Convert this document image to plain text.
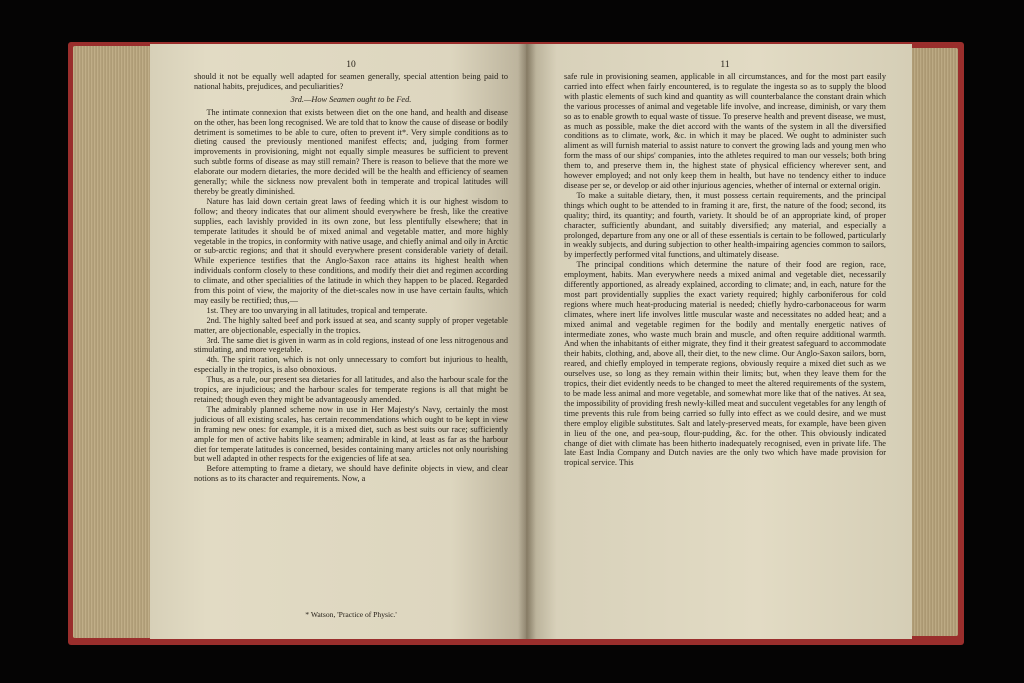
10

should it not be equally well adapted for seamen generally, special attention being paid to national habits, prejudices, and peculiarities?

3rd.—How Seamen ought to be Fed.

The intimate connexion that exists between diet on the one hand, and health and disease on the other, has been long recognised. We are told that to know the cause of disease or bodily detriment is sometimes to be able to cure, often to prevent it*. Very simple conditions as to dieting caused the previously mentioned manifest effects; and, judging from former improvements in provisioning, might not equally simple measures be sufficient to prevent such subtle forms of disease as may still remain? There is reason to believe that the more we elaborate our modern dietaries, the more decided will be the health and efficiency of seamen generally; while the sickness now prevalent both in temperate and tropical latitudes will thereby be greatly diminished.

Nature has laid down certain great laws of feeding which it is our highest wisdom to follow; and theory indicates that our aliment should everywhere be fresh, like the creative supplies, each lavishly provided in its own zone, but less plentifully elsewhere; that in temperate latitudes it should be of mixed animal and vegetable matter, and more highly vegetable in the tropics, in conformity with native usage, and chiefly animal and oily in Arctic or sub-arctic regions; and that it should everywhere present considerable variety of detail. While experience testifies that the Anglo-Saxon race attains its highest health when individuals conform closely to these conditions, and modify their diet and regimen according to climate, and other specialities of the latitude in which they happen to be placed. Regarded from this point of view, the majority of the diet-scales now in use have certain faults, which may easily be rectified; thus,—

1st. They are too unvarying in all latitudes, tropical and temperate.

2nd. The highly salted beef and pork issued at sea, and scanty supply of proper vegetable matter, are objectionable, especially in the tropics.

3rd. The same diet is given in warm as in cold regions, instead of one less nitrogenous and stimulating, and more vegetable.

4th. The spirit ration, which is not only unnecessary to comfort but injurious to health, especially in the tropics, is also obnoxious.

Thus, as a rule, our present sea dietaries for all latitudes, and also the harbour scale for the tropics, are injudicious; and the harbour scales for temperate regions is all that might be retained; though even they might be advantageously amended.

The admirably planned scheme now in use in Her Majesty's Navy, certainly the most judicious of all existing scales, has certain recommendations which ought to be kept in view in framing new ones: for example, it is a mixed diet, such as best suits our race; sufficiently ample for men of active habits like seamen; admirable in kind, at least as far as the harbour diet for temperate latitudes is concerned, besides containing many articles not only nourishing but well adapted in other respects for the exigencies of life at sea.

Before attempting to frame a dietary, we should have definite objects in view, and clear notions as to its character and requirements. Now, a

* Watson, 'Practice of Physic.'
11

safe rule in provisioning seamen, applicable in all circumstances, and for the most part easily carried into effect when fairly encountered, is to regulate the ingesta so as to supply the blood with plastic elements of such kind and quantity as will counterbalance the constant drain which the various processes of animal and vegetable life involve, and increase, diminish, or vary them so as to enable growth to equal waste of tissue. To preserve health and prevent disease, we must, as much as possible, make the diet accord with the wants of the system in all the diversified conditions as to climate, work, &c. in which it may be placed. We ought to administer such aliment as will furnish material to assist nature to convert the growing lads and young men who form the mass of our ships' companies, into the athletes required to man our vessels; both bring them to, and preserve them in, the highest state of physical efficiency wherever sent, and however employed; and not only keep them in health, but have no tendency either to induce disease per se, or develop or aid other injurious agencies, whether of internal or external origin.

To make a suitable dietary, then, it must possess certain requirements, and the principal things which ought to be attended to in framing it are, first, the nature of the food; second, its quality; third, its quantity; and fourth, variety. It should be of an appropriate kind, of proper character, sufficiently abundant, and suitably diversified; any material, and especially a prolonged, departure from any one or all of these essentials is certain to be followed, particularly in weakly subjects, and during subjection to other health-impairing agencies common to sailors, by imperfectly performed vital functions, and ultimately disease.

The principal conditions which determine the nature of their food are region, race, employment, habits. Man everywhere needs a mixed animal and vegetable diet, necessarily differently apportioned, as already explained, according to climate; and, in each, nature for the most part providentially supplies the exact variety required; highly carboniferous for cold regions where much heat-producing material is needed; chiefly hydro-carbonaceous for warm climates, where inert life involves little muscular waste and necessitates no added heat; and a mixed animal and vegetable regimen for the bodily and mentally energetic natives of intermediate zones, who waste much brain and muscle, and often require additional warmth. And when the inhabitants of either migrate, they find it their greatest safeguard to accommodate their habits, clothing, and, above all, their diet, to the new clime. Our Anglo-Saxon sailors, born, reared, and chiefly employed in temperate regions, obviously require a mixed diet such as we ourselves use, so long as they remain within their limits; but, when they leave them for the tropics, their diet evidently needs to be changed to meet the altered requirements of the system, to be made less animal and more vegetable, and somewhat more like that of the natives. At sea, the impossibility of providing fresh newly-killed meat and succulent vegetables for any length of time prevents this rule from being carried so fully into effect as we could desire, and we must there employ eligible substitutes. Salt and lately-preserved meats, for example, have been given in lieu of the one, and pea-soup, flour-pudding, &c. for the other. This obviously indicated change of diet with climate has been hitherto inadequately recognised, even in private life. The late East India Company and Dutch navies are the only two which have made provision for tropical service. This
